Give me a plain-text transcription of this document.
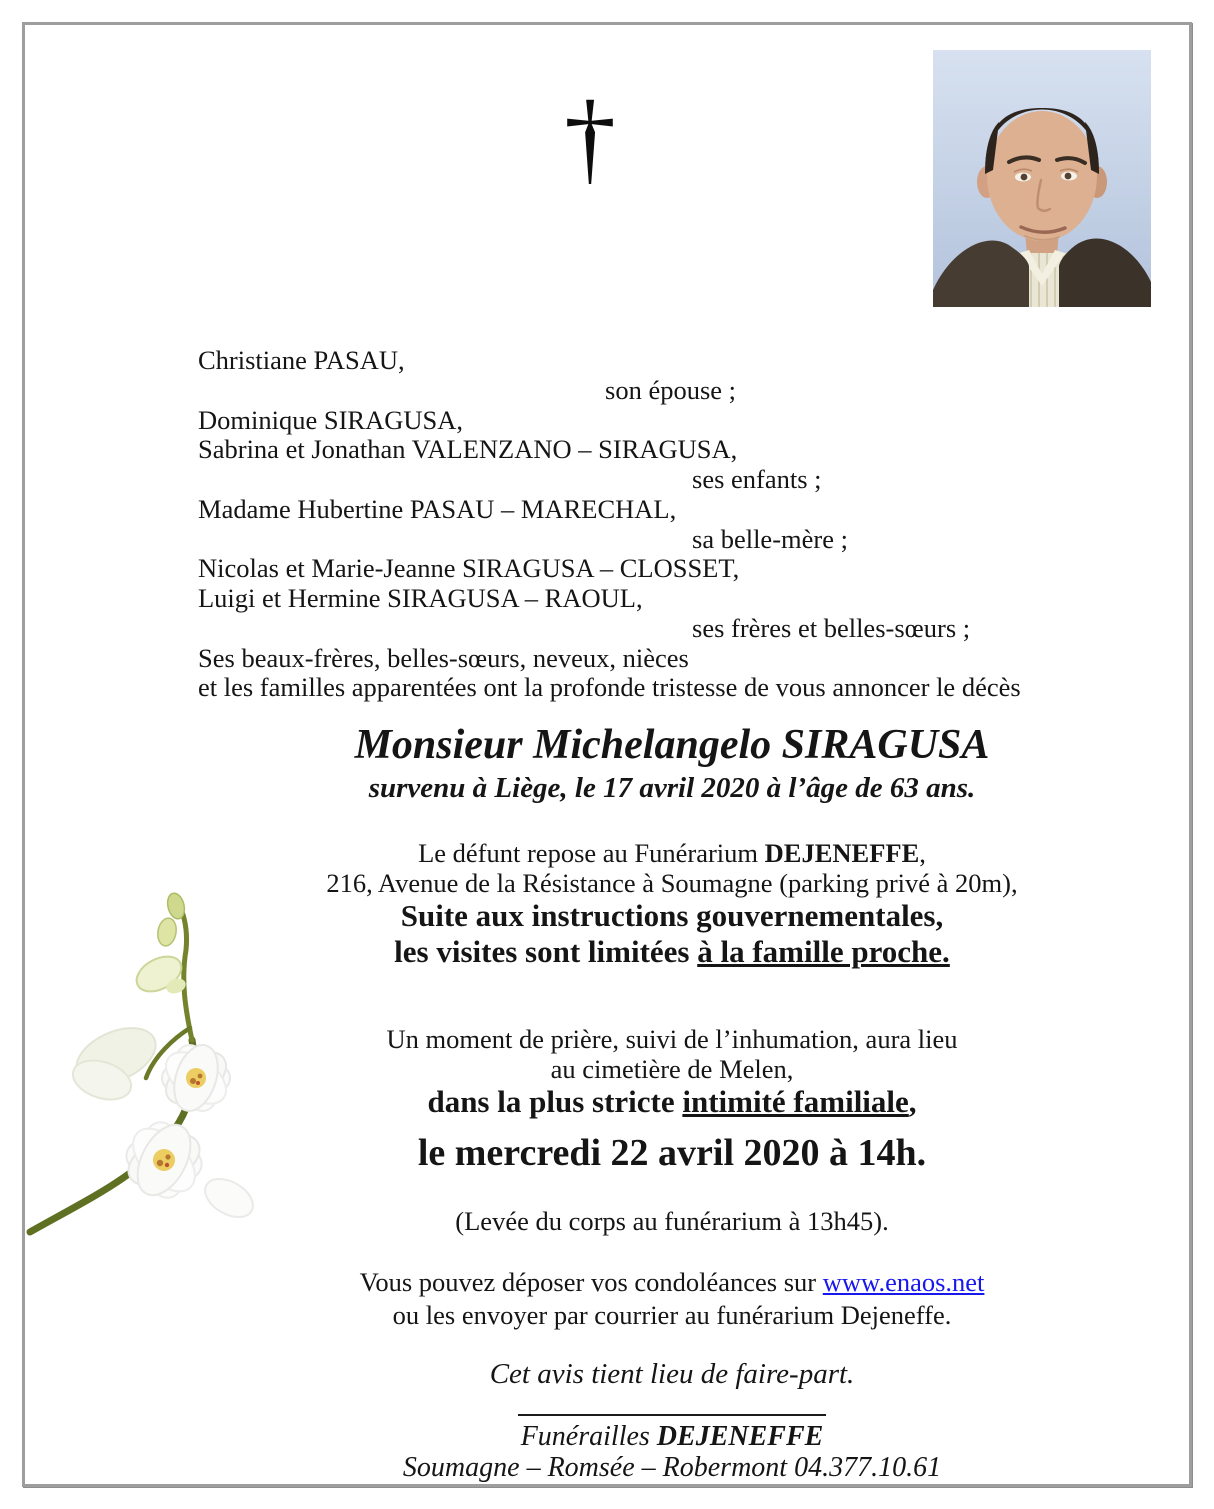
†
Christiane PASAU,
son épouse ;
Dominique SIRAGUSA,
Sabrina et Jonathan VALENZANO – SIRAGUSA,
ses enfants ;
Madame Hubertine PASAU – MARECHAL,
sa belle-mère ;
Nicolas et Marie-Jeanne SIRAGUSA – CLOSSET,
Luigi et Hermine SIRAGUSA – RAOUL,
ses frères et belles-sœurs ;
Ses beaux-frères, belles-sœurs, neveux, nièces
et les familles apparentées ont la profonde tristesse de vous annoncer le décès
Monsieur Michelangelo SIRAGUSA
survenu à Liège, le 17 avril 2020 à l’âge de 63 ans.
Le défunt repose au Funérarium DEJENEFFE,
216, Avenue de la Résistance à Soumagne (parking privé à 20m),
Suite aux instructions gouvernementales,
les visites sont limitées à la famille proche.
Un moment de prière, suivi de l’inhumation, aura lieu
au cimetière de Melen,
dans la plus stricte intimité familiale,
le mercredi 22 avril 2020 à 14h.
(Levée du corps au funérarium à 13h45).
Vous pouvez déposer vos condoléances sur www.enaos.net
ou les envoyer par courrier au funérarium Dejeneffe.
Cet avis tient lieu de faire-part.
Funérailles DEJENEFFE
Soumagne – Romsée – Robermont 04.377.10.61
